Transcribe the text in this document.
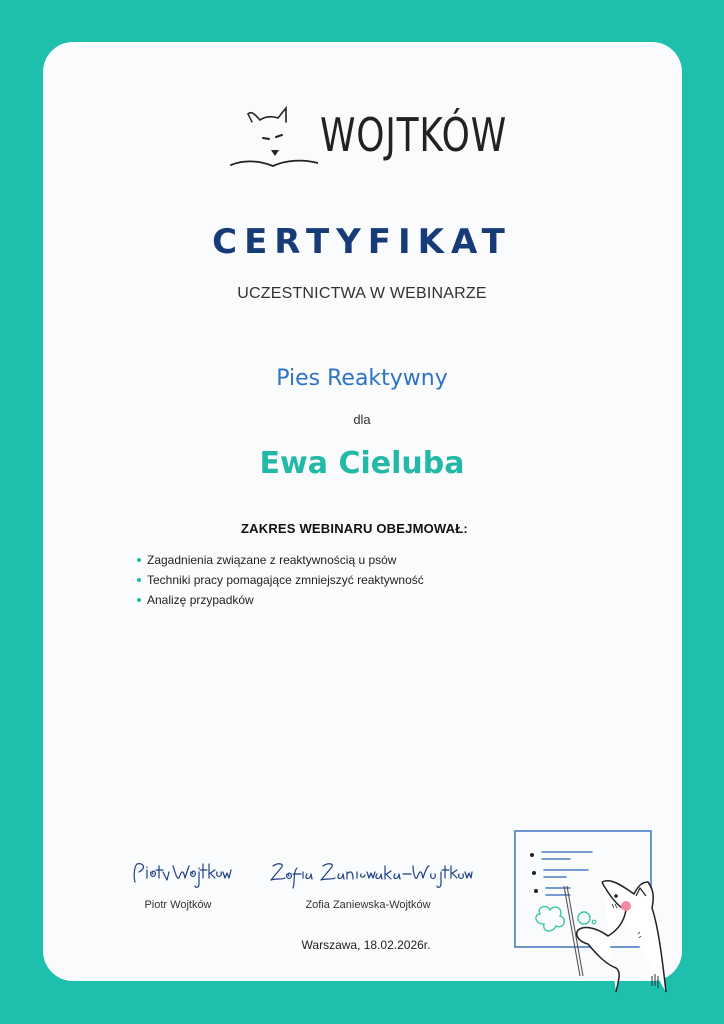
WOJTKÓW
CERTYFIKAT
UCZESTNICTWA W WEBINARZE
Pies Reaktywny
dla
Ewa Cieluba
ZAKRES WEBINARU OBEJMOWAŁ:
Zagadnienia związane z reaktywnością u psów
Techniki pracy pomagające zmniejszyć reaktywność
Analizę przypadków
Piotr Wojtków	Zofia Zaniewska-Wojtków
Warszawa, 18.02.2026r.
